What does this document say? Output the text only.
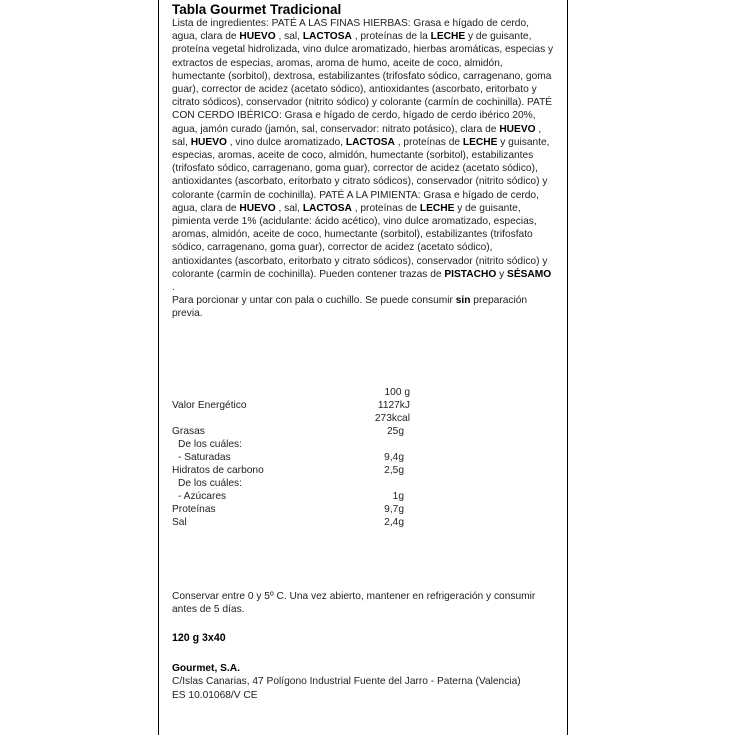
Tabla Gourmet Tradicional
Lista de ingredientes: PATÉ A LAS FINAS HIERBAS: Grasa e hígado de cerdo, agua, clara de HUEVO , sal, LACTOSA , proteínas de la LECHE y de guisante, proteína vegetal hidrolizada, vino dulce aromatizado, hierbas aromáticas, especias y extractos de especias, aromas, aroma de humo, aceite de coco, almidón, humectante (sorbitol), dextrosa, estabilizantes (trifosfato sódico, carragenano, goma guar), corrector de acidez (acetato sódico), antioxidantes (ascorbato, eritorbato y citrato sódicos), conservador (nitrito sódico) y colorante (carmín de cochinilla). PATÉ CON CERDO IBÉRICO: Grasa e hígado de cerdo, hígado de cerdo ibérico 20%, agua, jamón curado (jamón, sal, conservador: nitrato potásico), clara de HUEVO , sal, HUEVO , vino dulce aromatizado, LACTOSA , proteínas de LECHE y guisante, especias, aromas, aceite de coco, almidón, humectante (sorbitol), estabilizantes (trifosfato sódico, carragenano, goma guar), corrector de acidez (acetato sódico), antioxidantes (ascorbato, eritorbato y citrato sódicos), conservador (nitrito sódico) y colorante (carmín de cochinilla). PATÉ A LA PIMIENTA: Grasa e hígado de cerdo, agua, clara de HUEVO , sal, LACTOSA , proteínas de LECHE y de guisante, pimienta verde 1% (acidulante: ácido acético), vino dulce aromatizado, especias, aromas, almidón, aceite de coco, humectante (sorbitol), estabilizantes (trifosfato sódico, carragenano, goma guar), corrector de acidez (acetato sódico), antioxidantes (ascorbato, eritorbato y citrato sódicos), conservador (nitrito sódico) y colorante (carmín de cochinilla). Pueden contener trazas de PISTACHO y SÉSAMO .
Para porcionar y untar con pala o cuchillo. Se puede consumir sin preparación previa.
100 g
Valor Energético	1127kJ
273kcal
Grasas	25g
De los cuáles:
- Saturadas	9,4g
Hidratos de carbono	2,5g
De los cuáles:
- Azúcares	1g
Proteínas	9,7g
Sal	2,4g
Conservar entre 0 y 5º C. Una vez abierto, mantener en refrigeración y consumir antes de 5 días.
120 g 3x40
Gourmet, S.A.
C/Islas Canarias, 47 Polígono Industrial Fuente del Jarro - Paterna (Valencia)
ES 10.01068/V CE
